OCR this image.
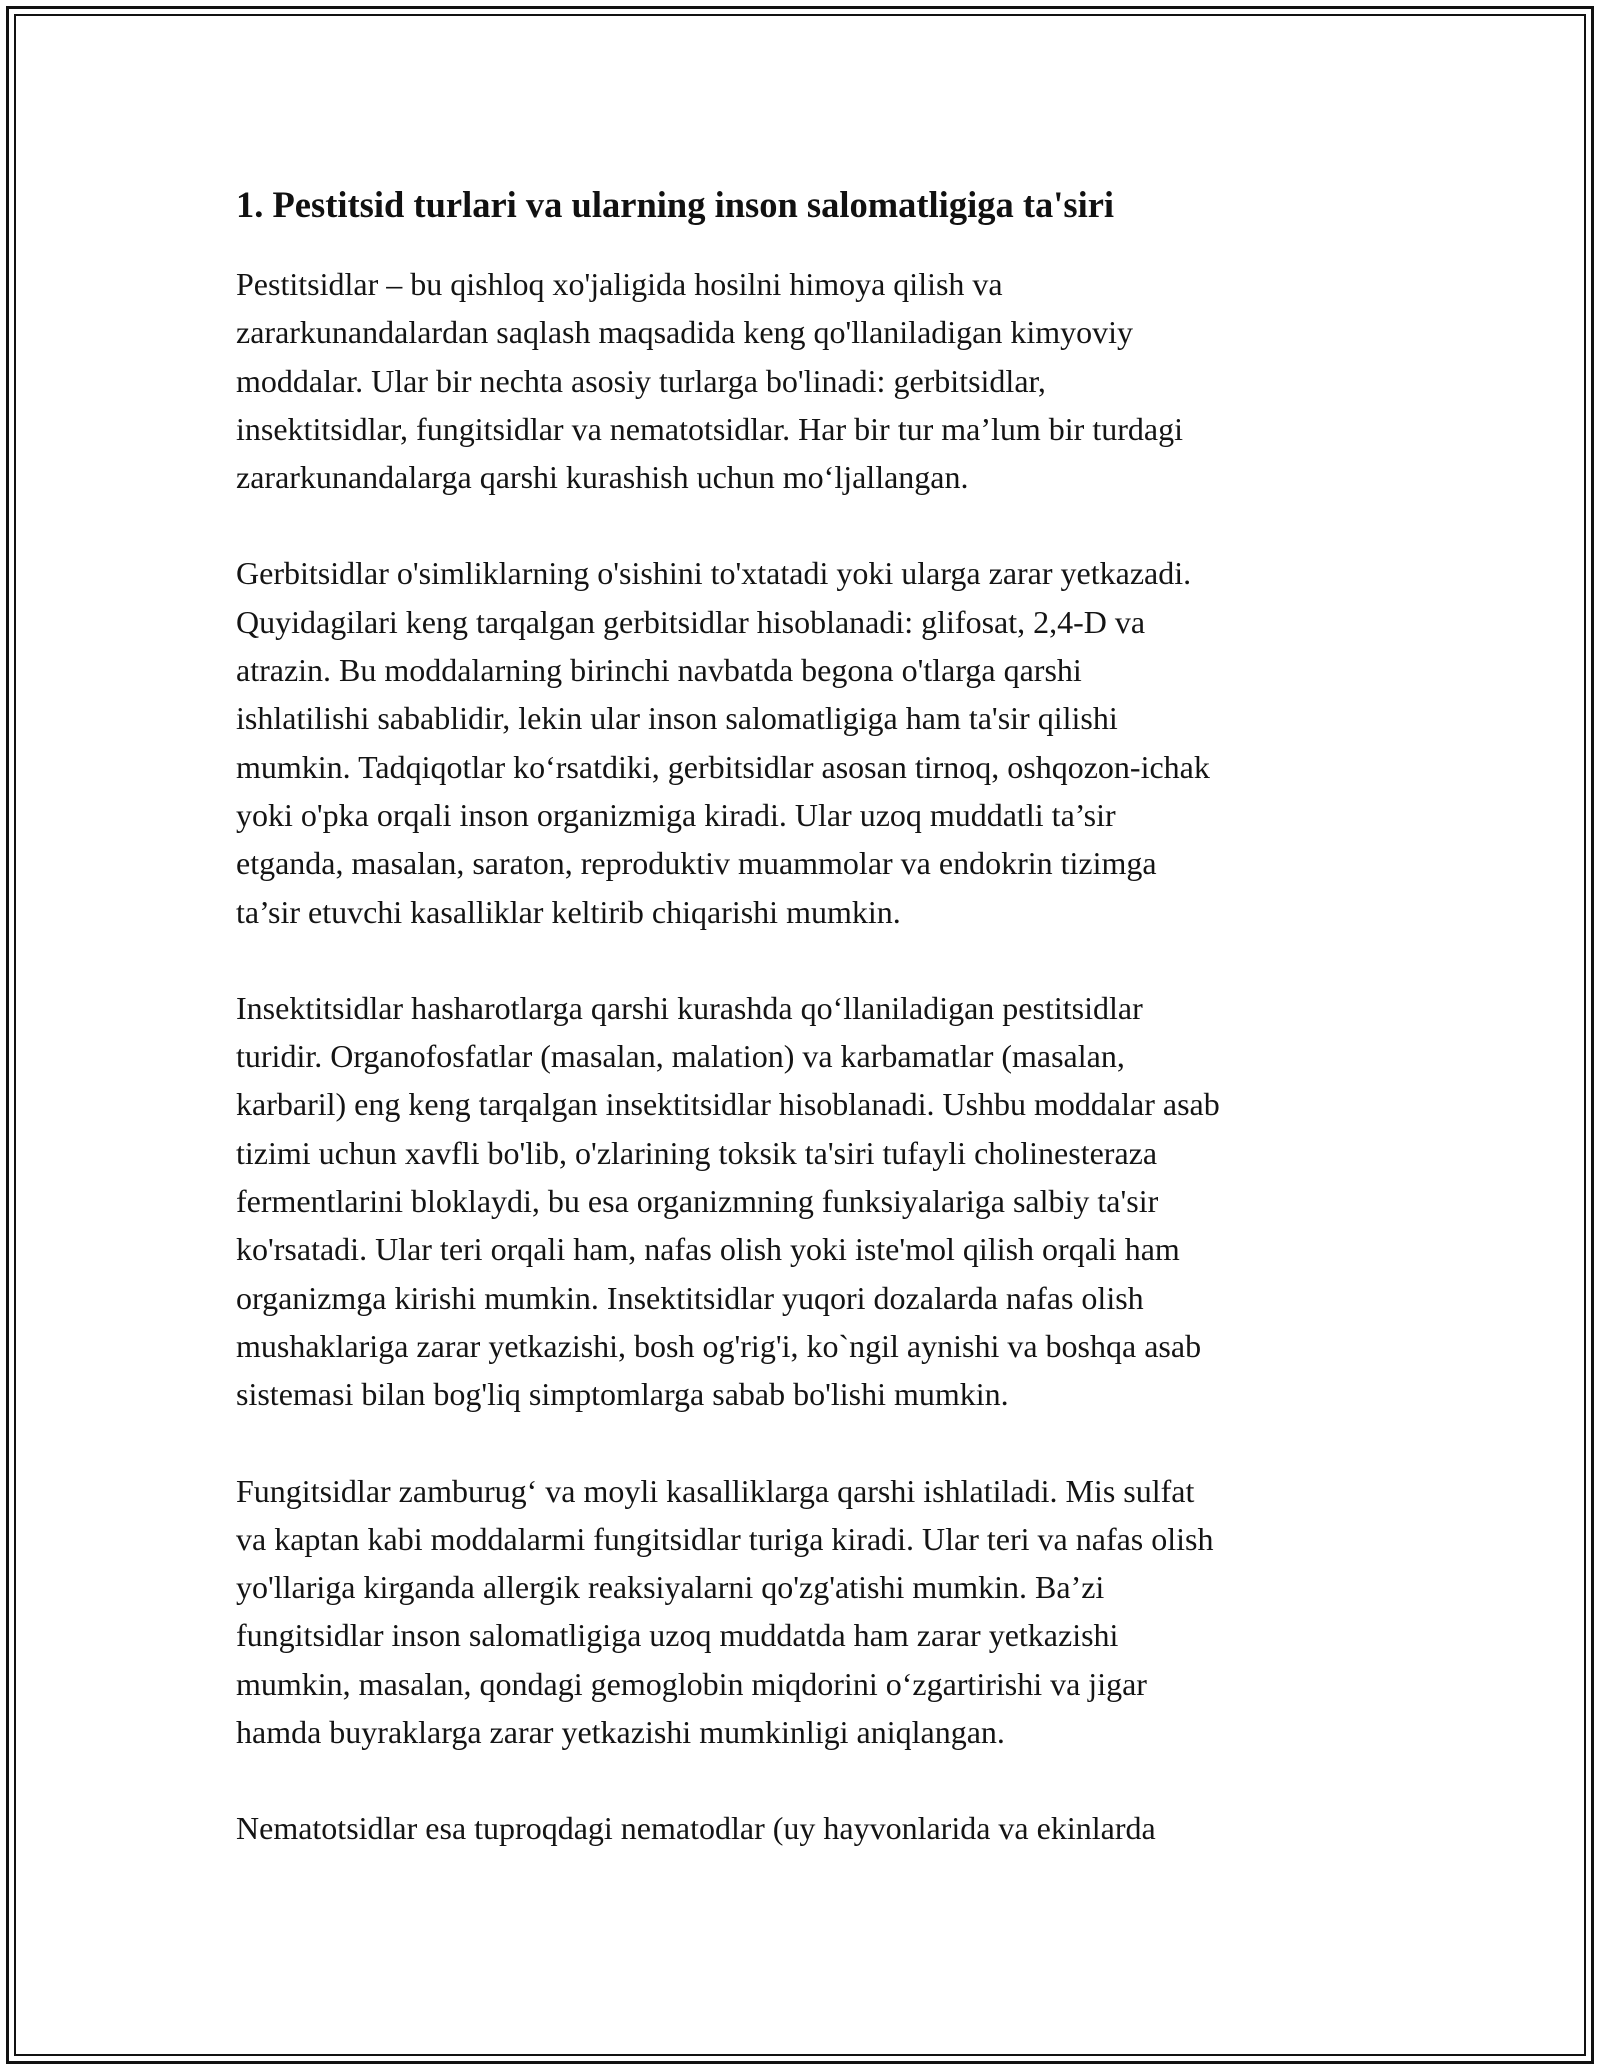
1. Pestitsid turlari va ularning inson salomatligiga ta'siri
Pestitsidlar – bu qishloq xo'jaligida hosilni himoya qilish va
zararkunandalardan saqlash maqsadida keng qo'llaniladigan kimyoviy
moddalar. Ular bir nechta asosiy turlarga bo'linadi: gerbitsidlar,
insektitsidlar, fungitsidlar va nematotsidlar. Har bir tur ma’lum bir turdagi
zararkunandalarga qarshi kurashish uchun mo‘ljallangan.
Gerbitsidlar o'simliklarning o'sishini to'xtatadi yoki ularga zarar yetkazadi.
Quyidagilari keng tarqalgan gerbitsidlar hisoblanadi: glifosat, 2,4-D va
atrazin. Bu moddalarning birinchi navbatda begona o'tlarga qarshi
ishlatilishi sabablidir, lekin ular inson salomatligiga ham ta'sir qilishi
mumkin. Tadqiqotlar ko‘rsatdiki, gerbitsidlar asosan tirnoq, oshqozon-ichak
yoki o'pka orqali inson organizmiga kiradi. Ular uzoq muddatli ta’sir
etganda, masalan, saraton, reproduktiv muammolar va endokrin tizimga
ta’sir etuvchi kasalliklar keltirib chiqarishi mumkin.
Insektitsidlar hasharotlarga qarshi kurashda qo‘llaniladigan pestitsidlar
turidir. Organofosfatlar (masalan, malation) va karbamatlar (masalan,
karbaril) eng keng tarqalgan insektitsidlar hisoblanadi. Ushbu moddalar asab
tizimi uchun xavfli bo'lib, o'zlarining toksik ta'siri tufayli cholinesteraza
fermentlarini bloklaydi, bu esa organizmning funksiyalariga salbiy ta'sir
ko'rsatadi. Ular teri orqali ham, nafas olish yoki iste'mol qilish orqali ham
organizmga kirishi mumkin. Insektitsidlar yuqori dozalarda nafas olish
mushaklariga zarar yetkazishi, bosh og'rig'i, ko`ngil aynishi va boshqa asab
sistemasi bilan bog'liq simptomlarga sabab bo'lishi mumkin.
Fungitsidlar zamburug‘ va moyli kasalliklarga qarshi ishlatiladi. Mis sulfat
va kaptan kabi moddalarmi fungitsidlar turiga kiradi. Ular teri va nafas olish
yo'llariga kirganda allergik reaksiyalarni qo'zg'atishi mumkin. Ba’zi
fungitsidlar inson salomatligiga uzoq muddatda ham zarar yetkazishi
mumkin, masalan, qondagi gemoglobin miqdorini o‘zgartirishi va jigar
hamda buyraklarga zarar yetkazishi mumkinligi aniqlangan.
Nematotsidlar esa tuproqdagi nematodlar (uy hayvonlarida va ekinlarda
